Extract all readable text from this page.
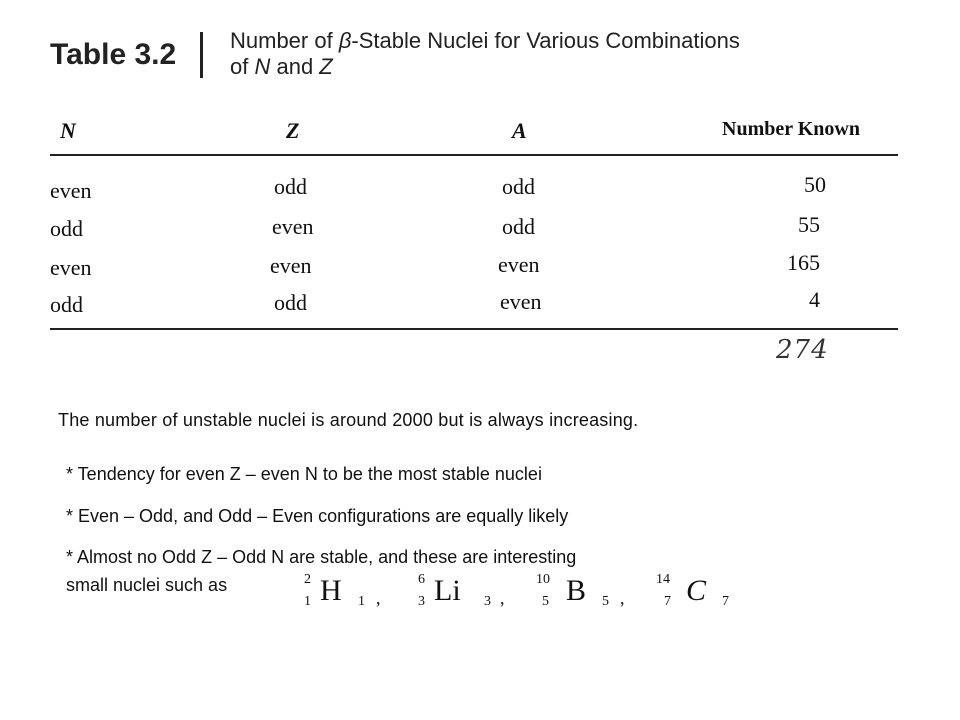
Table 3.2 Number of β-Stable Nuclei for Various Combinations
of N and Z
N	Z	A	Number Known
even	odd	odd	50
odd	even	odd	55
even	even	even	165
odd	odd	even	4
274
The number of unstable nuclei is around 2000 but is always increasing.
* Tendency for even Z – even N to be the most stable nuclei
* Even – Odd, and Odd – Even configurations are equally likely
* Almost no Odd Z – Odd N are stable, and these are interesting
small nuclei such as	2
1 H 1 ,
6
3 Li 3 ,
10
5 B 5 ,
14
7 C 7
